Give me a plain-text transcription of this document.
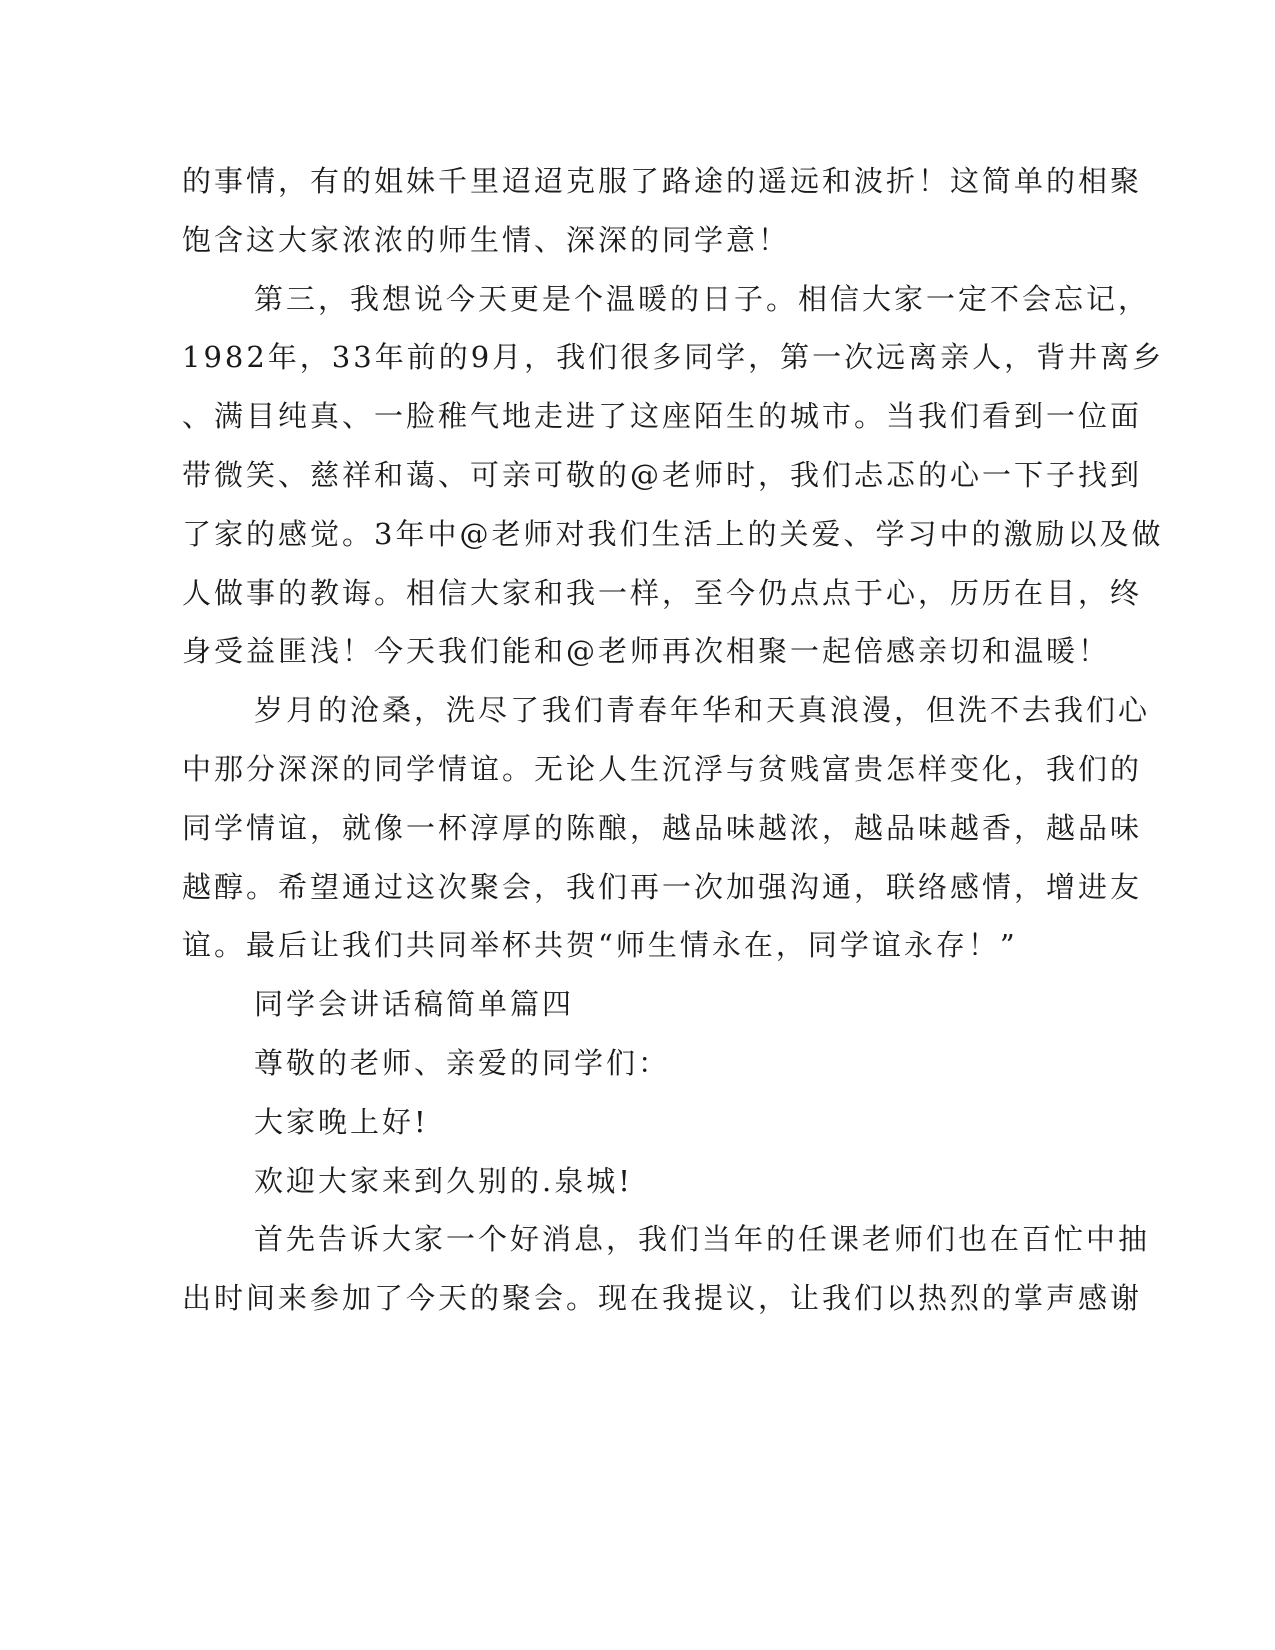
的事情，有的姐妹千里迢迢克服了路途的遥远和波折！这简单的相聚
饱含这大家浓浓的师生情、深深的同学意！
第三，我想说今天更是个温暖的日子。相信大家一定不会忘记，
1982年，33年前的9月，我们很多同学，第一次远离亲人，背井离乡
、满目纯真、一脸稚气地走进了这座陌生的城市。当我们看到一位面
带微笑、慈祥和蔼、可亲可敬的@老师时，我们忐忑的心一下子找到
了家的感觉。3年中@老师对我们生活上的关爱、学习中的激励以及做
人做事的教诲。相信大家和我一样，至今仍点点于心，历历在目，终
身受益匪浅！今天我们能和@老师再次相聚一起倍感亲切和温暖！
岁月的沧桑，洗尽了我们青春年华和天真浪漫，但洗不去我们心
中那分深深的同学情谊。无论人生沉浮与贫贱富贵怎样变化，我们的
同学情谊，就像一杯淳厚的陈酿，越品味越浓，越品味越香，越品味
越醇。希望通过这次聚会，我们再一次加强沟通，联络感情，增进友
谊。最后让我们共同举杯共贺“师生情永在，同学谊永存！”
同学会讲话稿简单篇四
尊敬的老师、亲爱的同学们：
大家晚上好!
欢迎大家来到久别的.泉城!
首先告诉大家一个好消息，我们当年的任课老师们也在百忙中抽
出时间来参加了今天的聚会。现在我提议，让我们以热烈的掌声感谢
